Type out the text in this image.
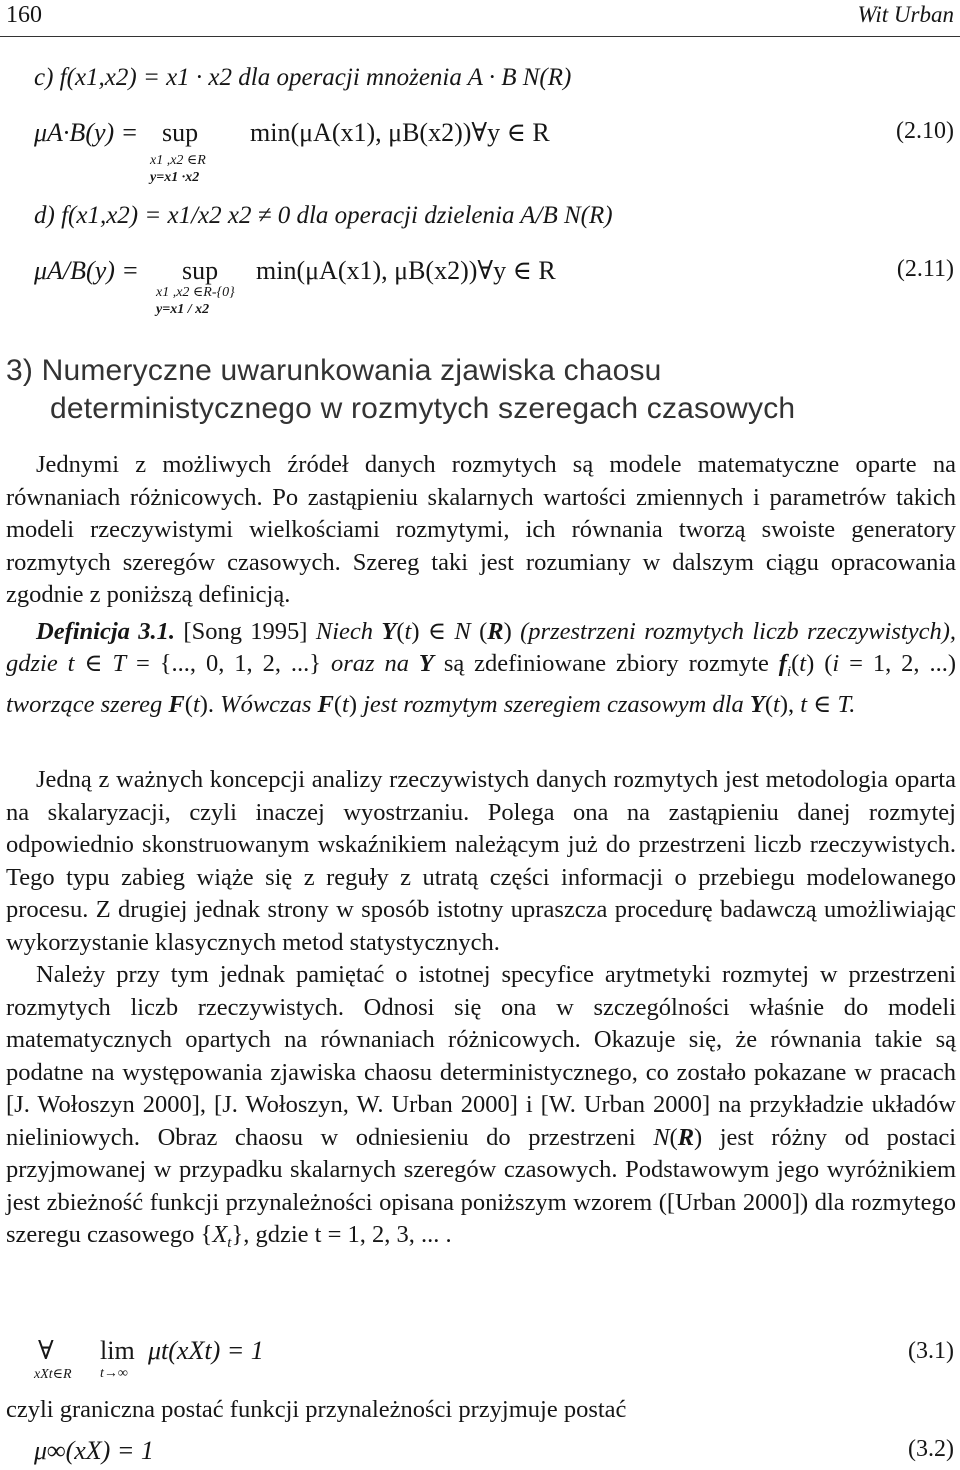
160	Wit Urban
c) f(x1,x2) = x1 · x2 dla operacji mnożenia A · B N(R)
μA·B(y) = sup min(μA(x1), μB(x2))∀y ∈ R
x1 ,x2 ∈R
y=x1 ·x2
(2.10)
d) f(x1,x2) = x1/x2 x2 ≠ 0 dla operacji dzielenia A/B N(R)
μA/B(y) = sup min(μA(x1), μB(x2))∀y ∈ R
x1 ,x2 ∈R-{0}
y=x1 / x2
(2.11)
3) Numeryczne uwarunkowania zjawiska chaosu
deterministycznego w rozmytych szeregach czasowych

Jednymi z możliwych źródeł danych rozmytych są modele matematyczne oparte na równaniach różnicowych. Po zastąpieniu skalarnych wartości zmiennych i parametrów takich modeli rzeczywistymi wielkościami rozmytymi, ich równania tworzą swoiste generatory rozmytych szeregów czasowych. Szereg taki jest rozumiany w dalszym ciągu opracowania zgodnie z poniższą definicją.

Definicja 3.1. [Song 1995] Niech Y(t) ∈ N (R) (przestrzeni rozmytych liczb rzeczywistych), gdzie t ∈ T = {..., 0, 1, 2, ...} oraz na Y są zdefiniowane zbiory rozmyte $f_i(t) (i = 1$, 2, ...) tworzące szereg F(t). Wówczas F(t) jest rozmytym szeregiem czasowym dla Y(t), t ∈ T.

Jedną z ważnych koncepcji analizy rzeczywistych danych rozmytych jest metodologia oparta na skalaryzacji, czyli inaczej wyostrzaniu. Polega ona na zastąpieniu danej rozmytej odpowiednio skonstruowanym wskaźnikiem należącym już do przestrzeni liczb rzeczywistych. Tego typu zabieg wiąże się z reguły z utratą części informacji o przebiegu modelowanego procesu. Z drugiej jednak strony w sposób istotny upraszcza procedurę badawczą umożliwiając wykorzystanie klasycznych metod statystycznych.

Należy przy tym jednak pamiętać o istotnej specyfice arytmetyki rozmytej w przestrzeni rozmytych liczb rzeczywistych. Odnosi się ona w szczególności właśnie do modeli matematycznych opartych na równaniach różnicowych. Okazuje się, że równania takie są podatne na występowania zjawiska chaosu deterministycznego, co zostało pokazane w pracach [J. Wołoszyn 2000], [J. Wołoszyn, W. Urban 2000] i [W. Urban 2000] na przykładzie układów nieliniowych. Obraz chaosu w odniesieniu do przestrzeni N(R) jest różny od postaci przyjmowanej w przypadku skalarnych szeregów czasowych. Podstawowym jego wyróżnikiem jest zbieżność funkcji przynależności opisana poniższym wzorem ([Urban 2000]) dla rozmytego szeregu czasowego $\{X_t\}$, gdzie t = 1, 2, 3, ... .

∀ lim μt(xXt) = 1
xXt∈R t→∞
(3.1)
czyli graniczna postać funkcji przynależności przyjmuje postać
μ∞(xX) = 1	(3.2)
